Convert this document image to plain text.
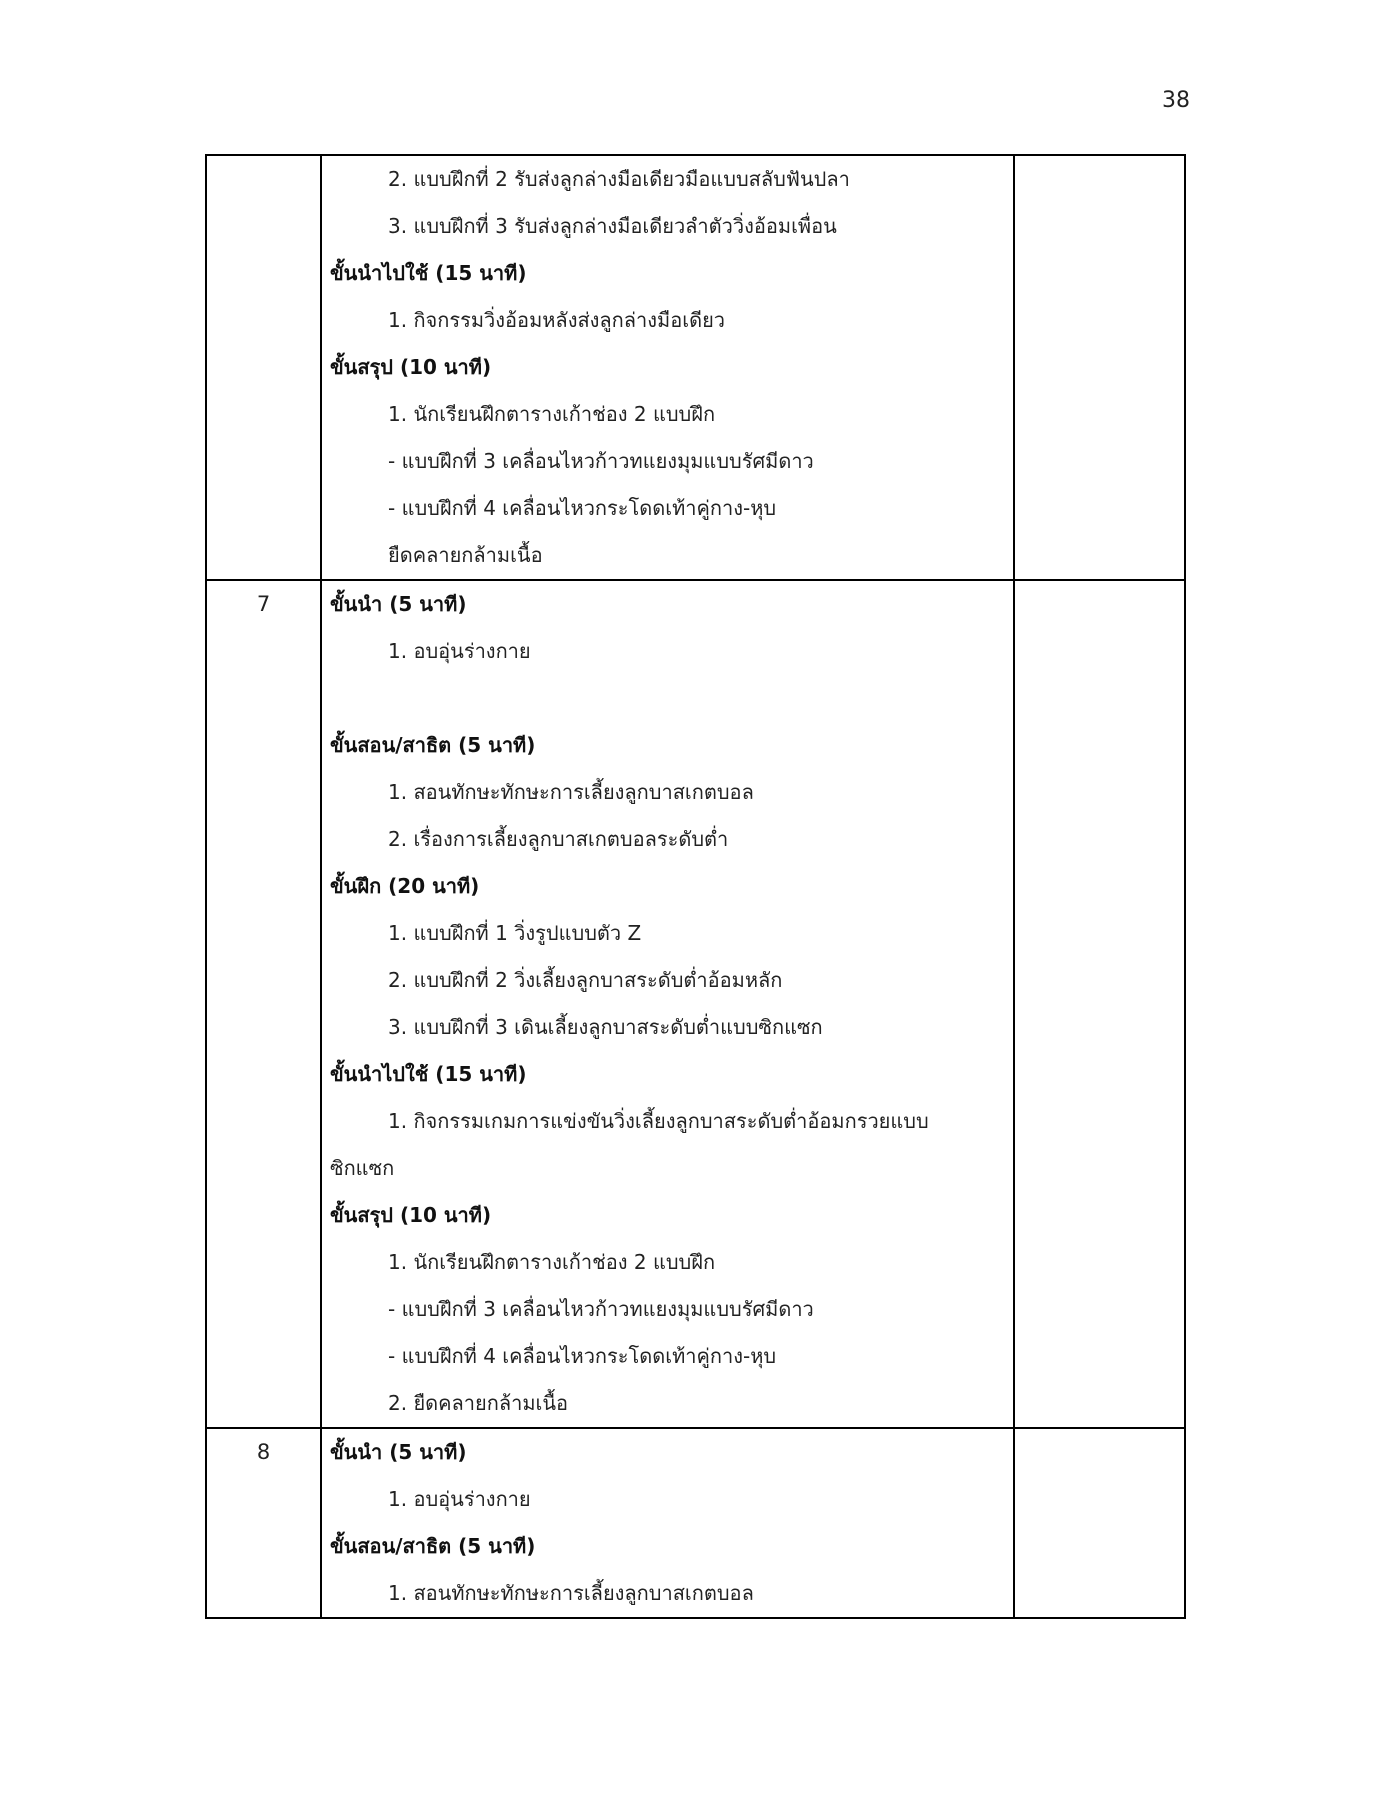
38
2. แบบฝึกที่ 2 รับส่งลูกล่างมือเดียวมือแบบสลับฟันปลา
3. แบบฝึกที่ 3 รับส่งลูกล่างมือเดียวลำตัววิ่งอ้อมเพื่อน
ขั้นนำไปใช้ (15 นาที)
1. กิจกรรมวิ่งอ้อมหลังส่งลูกล่างมือเดียว
ขั้นสรุป (10 นาที)
1. นักเรียนฝึกตารางเก้าช่อง 2 แบบฝึก
- แบบฝึกที่ 3 เคลื่อนไหวก้าวทแยงมุมแบบรัศมีดาว
- แบบฝึกที่ 4 เคลื่อนไหวกระโดดเท้าคู่กาง-หุบ
ยืดคลายกล้ามเนื้อ
7	ขั้นนำ (5 นาที)
1. อบอุ่นร่างกาย
ขั้นสอน/สาธิต (5 นาที)
1. สอนทักษะทักษะการเลี้ยงลูกบาสเกตบอล
2. เรื่องการเลี้ยงลูกบาสเกตบอลระดับต่ำ
ขั้นฝึก (20 นาที)
1. แบบฝึกที่ 1 วิ่งรูปแบบตัว Z
2. แบบฝึกที่ 2 วิ่งเลี้ยงลูกบาสระดับต่ำอ้อมหลัก
3. แบบฝึกที่ 3 เดินเลี้ยงลูกบาสระดับต่ำแบบซิกแซก
ขั้นนำไปใช้ (15 นาที)
1. กิจกรรมเกมการแข่งขันวิ่งเลี้ยงลูกบาสระดับต่ำอ้อมกรวยแบบ
ซิกแซก
ขั้นสรุป (10 นาที)
1. นักเรียนฝึกตารางเก้าช่อง 2 แบบฝึก
- แบบฝึกที่ 3 เคลื่อนไหวก้าวทแยงมุมแบบรัศมีดาว
- แบบฝึกที่ 4 เคลื่อนไหวกระโดดเท้าคู่กาง-หุบ
2. ยืดคลายกล้ามเนื้อ
8	ขั้นนำ (5 นาที)
1. อบอุ่นร่างกาย
ขั้นสอน/สาธิต (5 นาที)
1. สอนทักษะทักษะการเลี้ยงลูกบาสเกตบอล
